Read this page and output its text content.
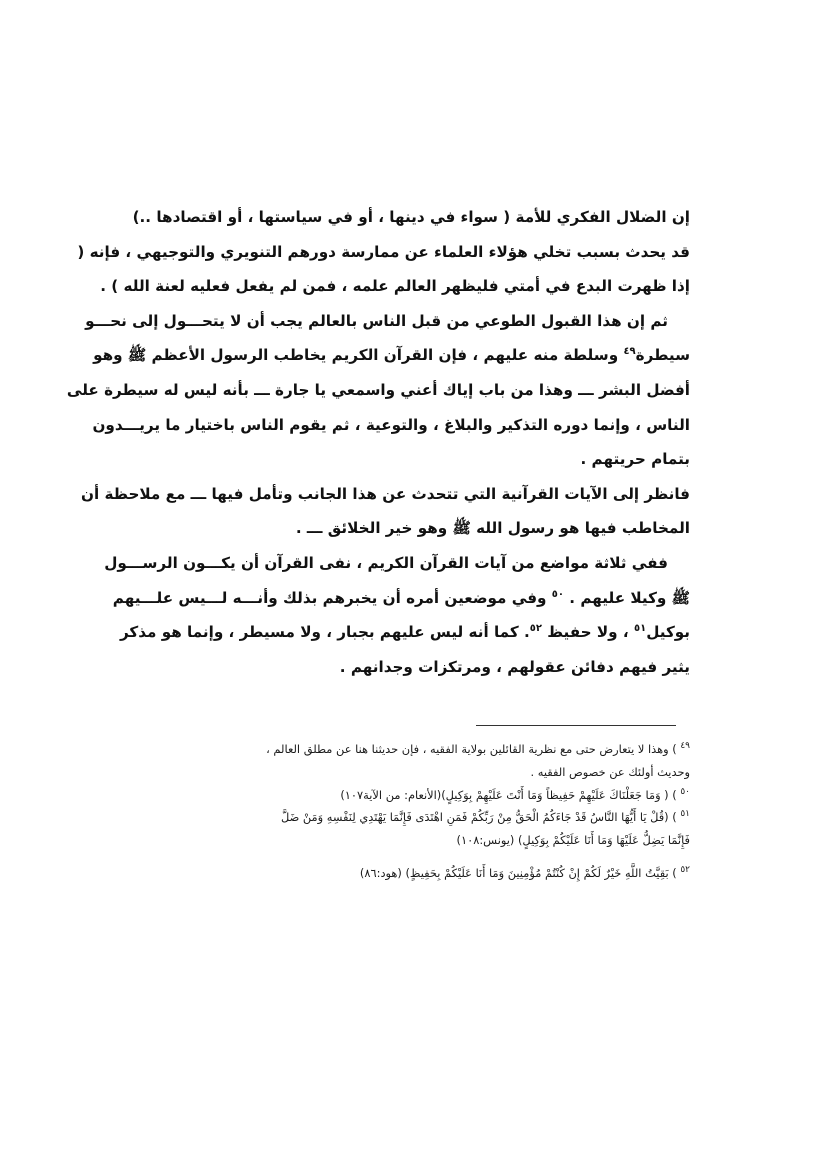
إن الضلال الفكري للأمة ( سواء في دينها ، أو في سياستها ، أو اقتصادها ..)
قد يحدث بسبب تخلي هؤلاء العلماء عن ممارسة دورهم التنويري والتوجيهي ، فإنه (
إذا ظهرت البدع في أمتي فليظهر العالم علمه ، فمن لم يفعل فعليه لعنة الله ) .
ثم إن هذا القبول الطوعي من قبل الناس بالعالم يجب أن لا يتحـــول إلى نحـــو
سيطرة$^{٤٩}$ وسلطة منه عليهم ، فإن القرآن الكريم يخاطب الرسول الأعظم ﷺ وهو
أفضل البشر ـــ وهذا من باب إياك أعني واسمعي يا جارة ـــ بأنه ليس له سيطرة على
الناس ، وإنما دوره التذكير والبلاغ ، والتوعية ، ثم يقوم الناس باختيار ما يريـــدون
بتمام حريتهم .
فانظر إلى الآيات القرآنية التي تتحدث عن هذا الجانب وتأمل فيها ـــ مع ملاحظة أن
المخاطب فيها هو رسول الله ﷺ وهو خير الخلائق ـــ .
ففي ثلاثة مواضع من آيات القرآن الكريم ، نفى القرآن أن يكـــون الرســـول
ﷺ وكيلا عليهم . $^{٥٠}$ وفي موضعين أمره أن يخبرهم بذلك وأنـــه لـــيس علـــيهم
بوكيل$^{٥١}$ ، ولا حفيظ $^{٥٢}$. كما أنه ليس عليهم بجبار ، ولا مسيطر ، وإنما هو مذكر
يثير فيهم دفائن عقولهم ، ومرتكزات وجدانهم .
$^{٤٩}$ ) وهذا لا يتعارض حتى مع نظرية القائلين بولاية الفقيه ، فإن حديثنا هنا عن مطلق العالم ،
وحديث أولئك عن خصوص الفقيه .
$^{٥٠}$ ) ( وَمَا جَعَلْنَاكَ عَلَيْهِمْ حَفِيظاً وَمَا أَنْتَ عَلَيْهِمْ بِوَكِيلٍ)(الأنعام: من الآية١٠٧)
$^{٥١}$ ) (قُلْ يَا أَيُّهَا النَّاسُ قَدْ جَاءَكُمُ الْحَقُّ مِنْ رَبِّكُمْ فَمَنِ اهْتَدَى فَإِنَّمَا يَهْتَدِي لِنَفْسِهِ وَمَنْ ضَلَّ
فَإِنَّمَا يَضِلُّ عَلَيْهَا وَمَا أَنَا عَلَيْكُمْ بِوَكِيلٍ) (يونس:١٠٨)
$^{٥٢}$ ) بَقِيَّتُ اللَّهِ خَيْرٌ لَكُمْ إِنْ كُنْتُمْ مُؤْمِنِينَ وَمَا أَنَا عَلَيْكُمْ بِحَفِيظٍ) (هود:٨٦)
